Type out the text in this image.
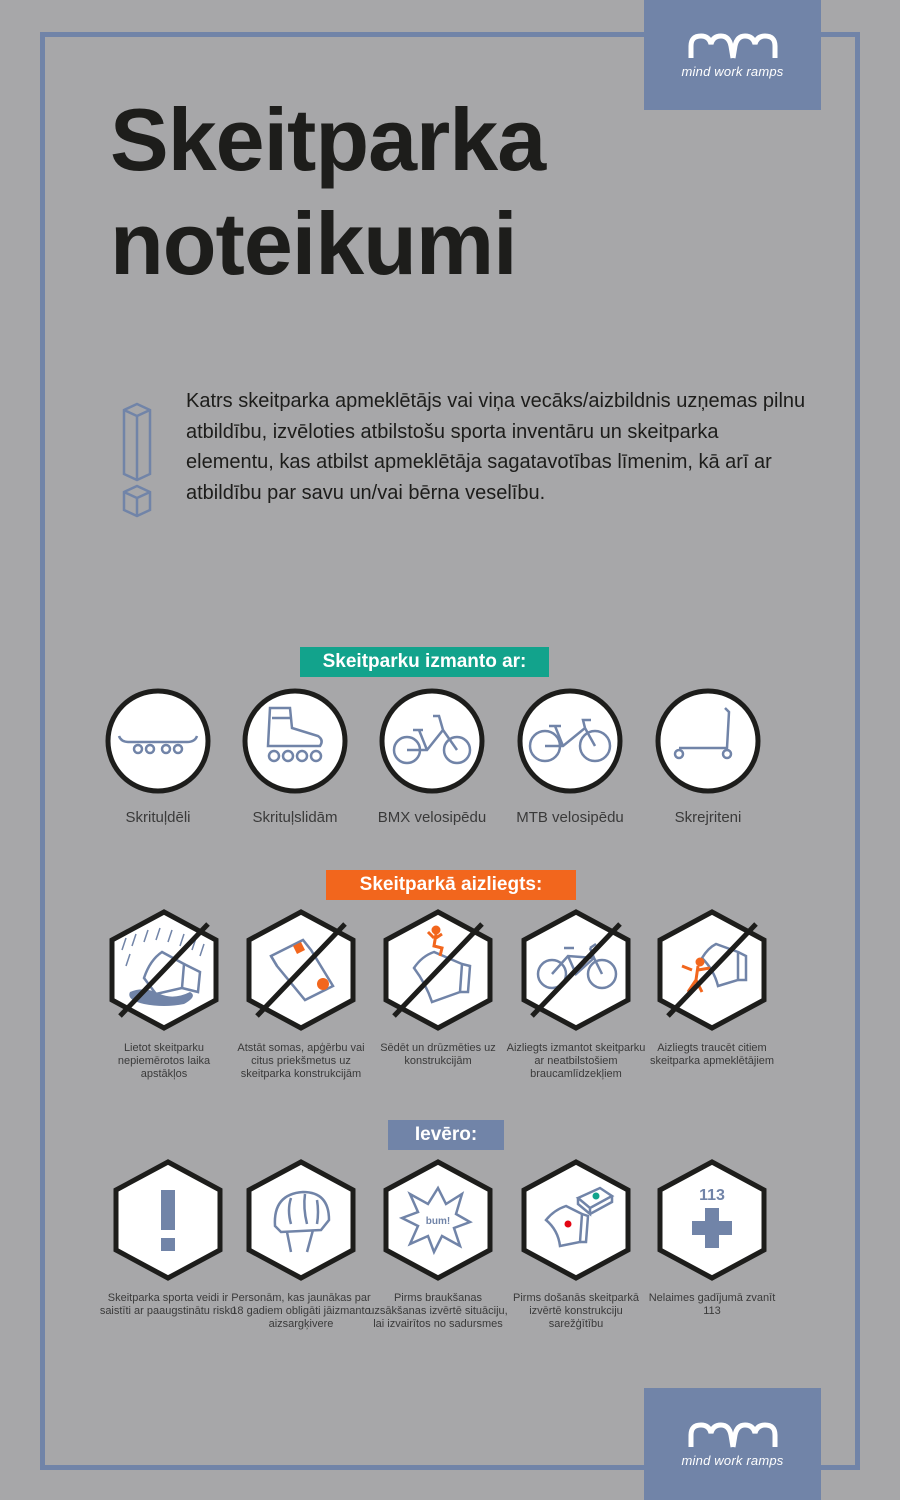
mind work ramps
mind work ramps
Skeitparka
noteikumi
Katrs skeitparka apmeklētājs vai viņa vecāks/aizbildnis uzņemas pilnu atbildību, izvēloties atbilstošu sporta inventāru un skeitparka elementu, kas atbilst apmeklētāja sagatavotības līmenim, kā arī ar atbildību par savu un/vai bērna veselību.
Skeitparku izmanto ar:
Skrituļdēli	Skrituļslidām	BMX velosipēdu	MTB velosipēdu	Skrejriteni
Skeitparkā aizliegts:
Lietot skeitparku nepiemērotos laika apstākļos
Atstāt somas, apģērbu vai citus priekšmetus uz skeitparka konstrukcijām
Sēdēt un drūzmēties uz konstrukcijām
Aizliegts izmantot skeitparku ar neatbilstošiem braucamlīdzekļiem
Aizliegts traucēt citiem skeitparka apmeklētājiem
Ievēro:
Skeitparka sporta veidi ir saistīti ar paaugstinātu risku
Personām, kas jaunākas par 18 gadiem obligāti jāizmanto aizsargķivere
bum!
Pirms braukšanas uzsākšanas izvērtē situāciju, lai izvairītos no sadursmes
Pirms došanās skeitparkā izvērtē konstrukciju sarežģītību
113
Nelaimes gadījumā zvanīt 113
